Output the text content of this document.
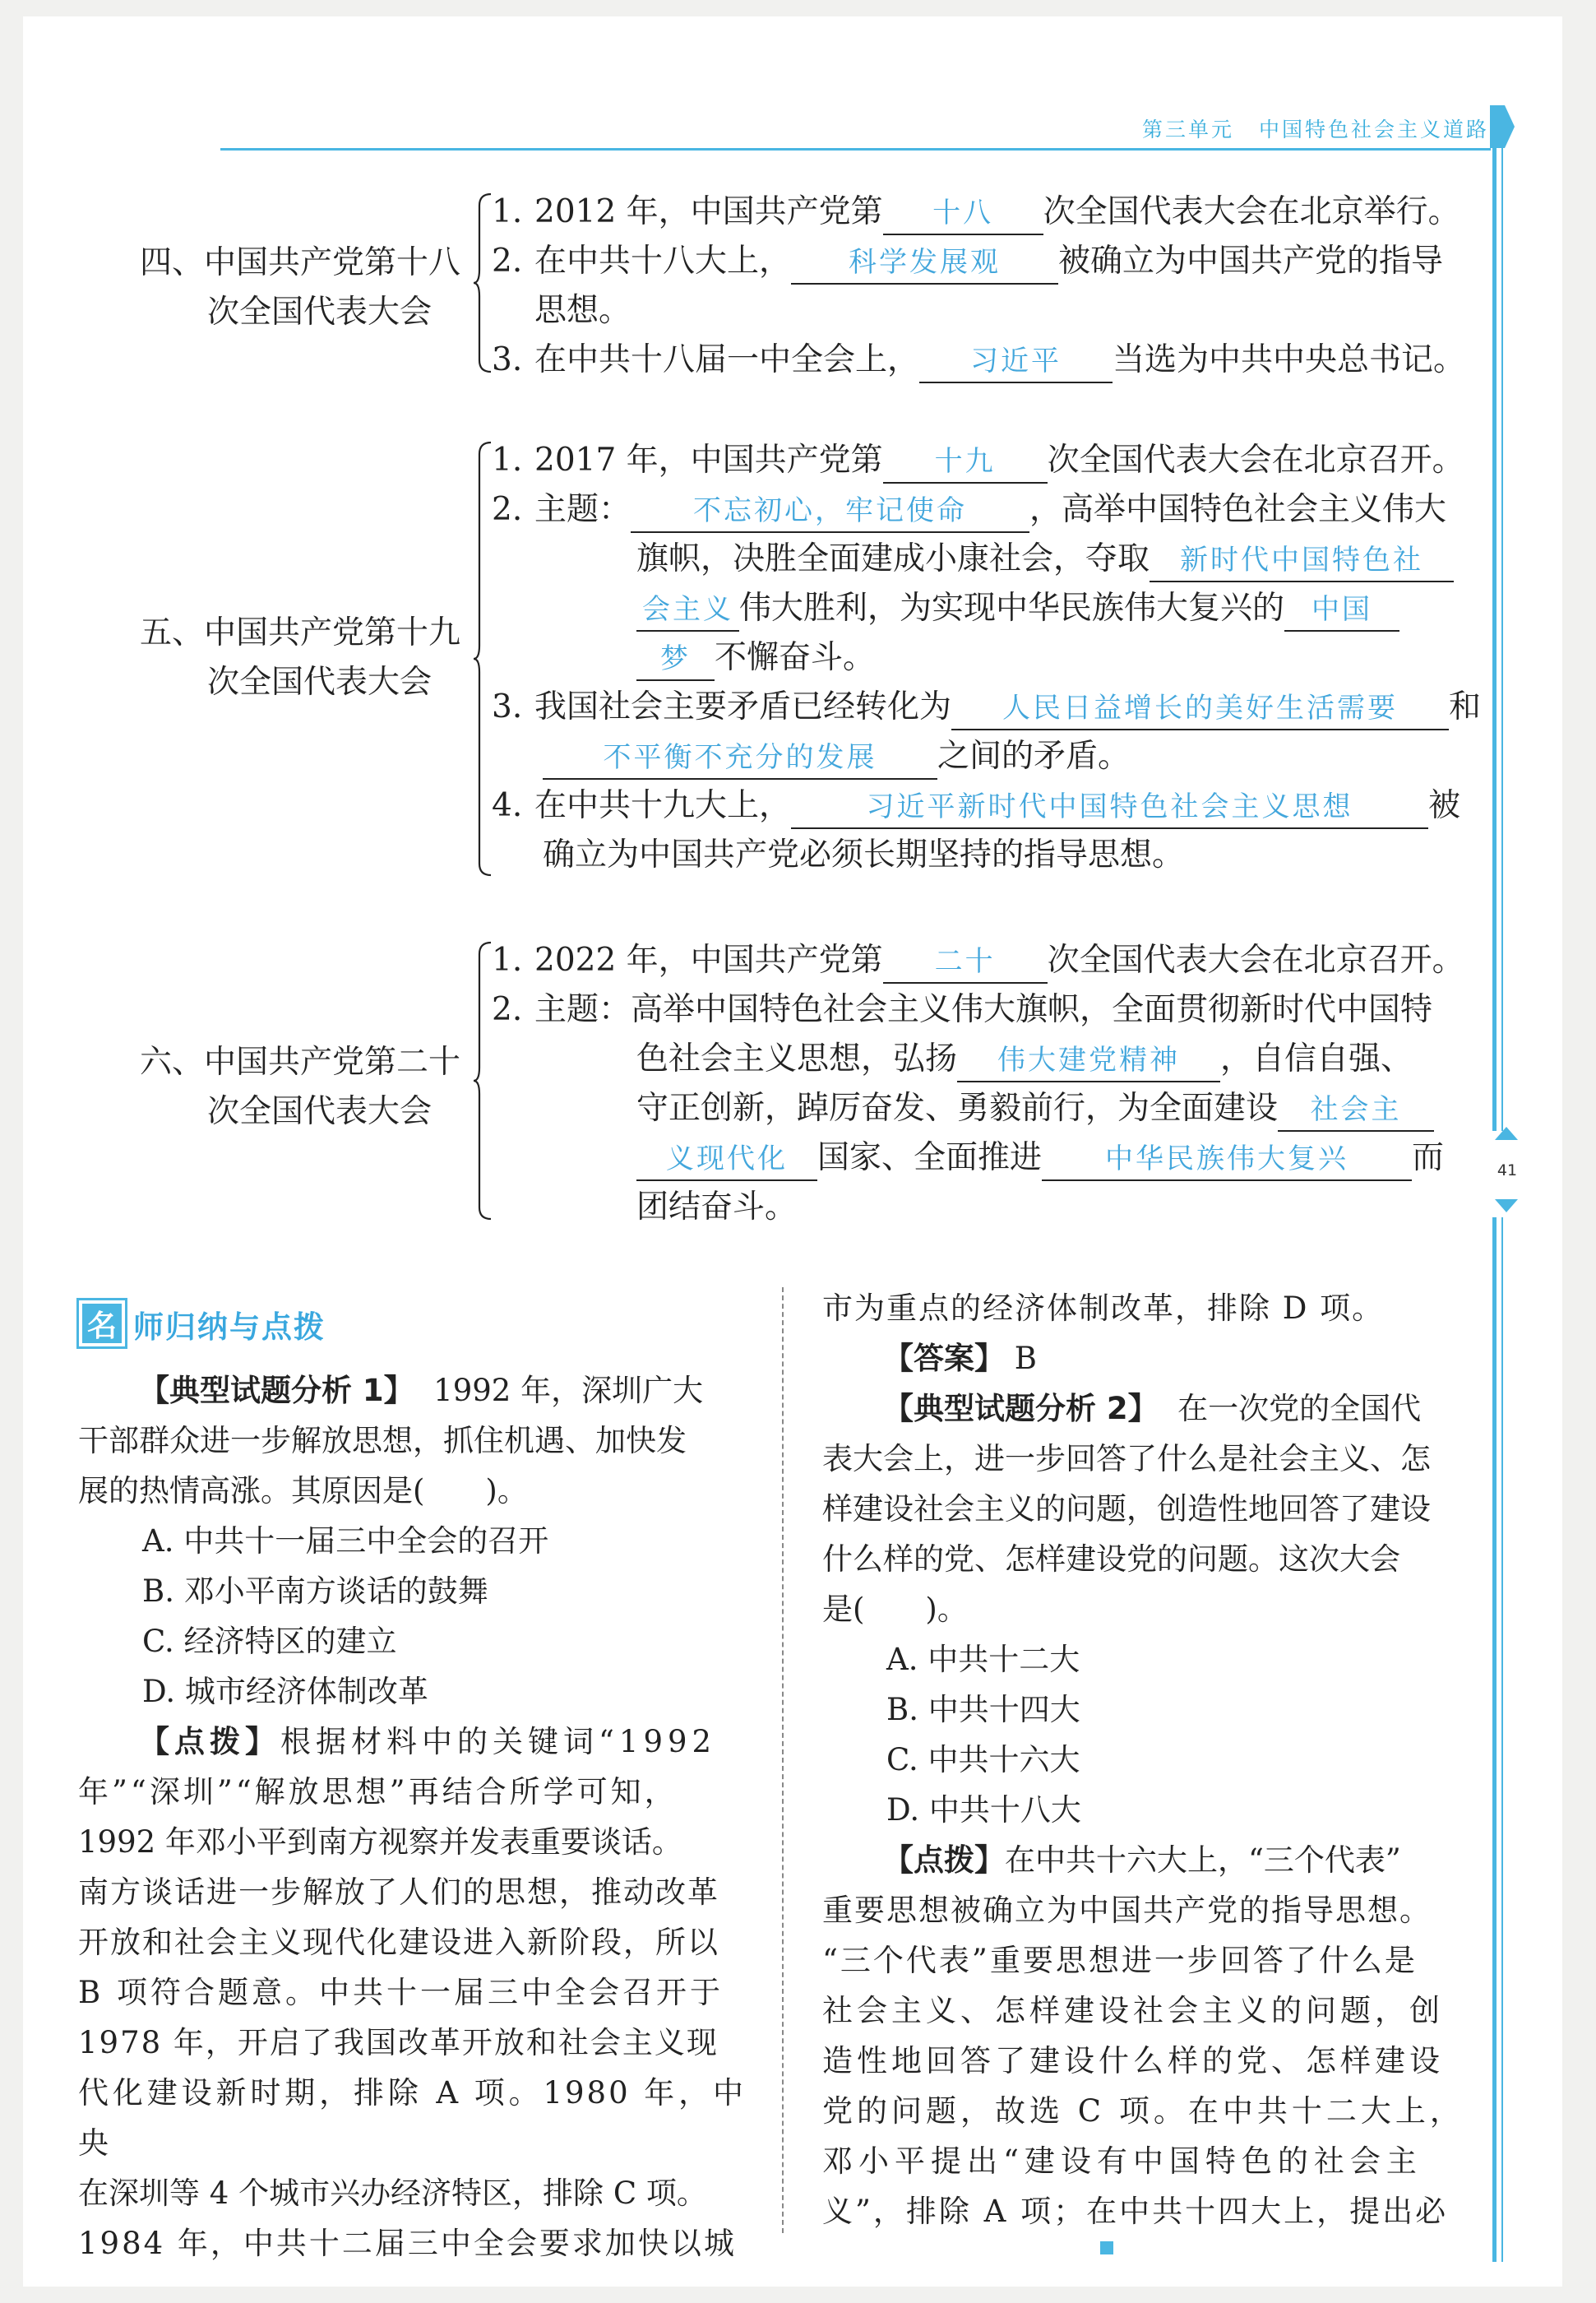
第三单元 中国特色社会主义道路
41
四、中国共产党第十八
次全国代表大会
1. 2012 年，中国共产党第 十八 次全国代表大会在北京举行。
2. 在中共十八大上， 科学发展观 被确立为中国共产党的指导
思想。
3. 在中共十八届一中全会上， 习近平 当选为中共中央总书记。
五、中国共产党第十九
次全国代表大会
1. 2017 年，中国共产党第 十九 次全国代表大会在北京召开。
2. 主题： 不忘初心，牢记使命 ，高举中国特色社会主义伟大
旗帜，决胜全面建成小康社会，夺取 新时代中国特色社
会主义 伟大胜利，为实现中华民族伟大复兴的 中国
梦 不懈奋斗。
3. 我国社会主要矛盾已经转化为 人民日益增长的美好生活需要 和
不平衡不充分的发展 之间的矛盾。
4. 在中共十九大上，	习近平新时代中国特色社会主义思想 被
确立为中国共产党必须长期坚持的指导思想。
六、中国共产党第二十
次全国代表大会
1. 2022 年，中国共产党第 二十 次全国代表大会在北京召开。
2. 主题：高举中国特色社会主义伟大旗帜，全面贯彻新时代中国特
色社会主义思想，弘扬 伟大建党精神 ，自信自强、
守正创新，踔厉奋发、勇毅前行，为全面建设 社会主
义现代化 国家、全面推进 中华民族伟大复兴 而
团结奋斗。
名 师归纳与点拨

【典型试题分析 1】 1992 年，深圳广大

干部群众进一步解放思想，抓住机遇、加快发

展的热情高涨。其原因是(　　)。

A. 中共十一届三中全会的召开

B. 邓小平南方谈话的鼓舞

C. 经济特区的建立

D. 城市经济体制改革

【点拨】根据材料中的关键词“1992

年”“深圳”“解放思想”再结合所学可知，

1992 年邓小平到南方视察并发表重要谈话。

南方谈话进一步解放了人们的思想，推动改革

开放和社会主义现代化建设进入新阶段，所以

B 项符合题意。中共十一届三中全会召开于

1978 年，开启了我国改革开放和社会主义现

代化建设新时期，排除 A 项。1980 年，中央

在深圳等 4 个城市兴办经济特区，排除 C 项。

1984 年，中共十二届三中全会要求加快以城

市为重点的经济体制改革，排除 D 项。

【答案】 B

【典型试题分析 2】 在一次党的全国代

表大会上，进一步回答了什么是社会主义、怎

样建设社会主义的问题，创造性地回答了建设

什么样的党、怎样建设党的问题。这次大会

是(　　)。

A. 中共十二大

B. 中共十四大

C. 中共十六大

D. 中共十八大

【点拨】在中共十六大上，“三个代表”

重要思想被确立为中国共产党的指导思想。

“三个代表”重要思想进一步回答了什么是

社会主义、怎样建设社会主义的问题，创

造性地回答了建设什么样的党、怎样建设

党的问题，故选 C 项。在中共十二大上，

邓小平提出“建设有中国特色的社会主

义”，排除 A 项；在中共十四大上，提出必
